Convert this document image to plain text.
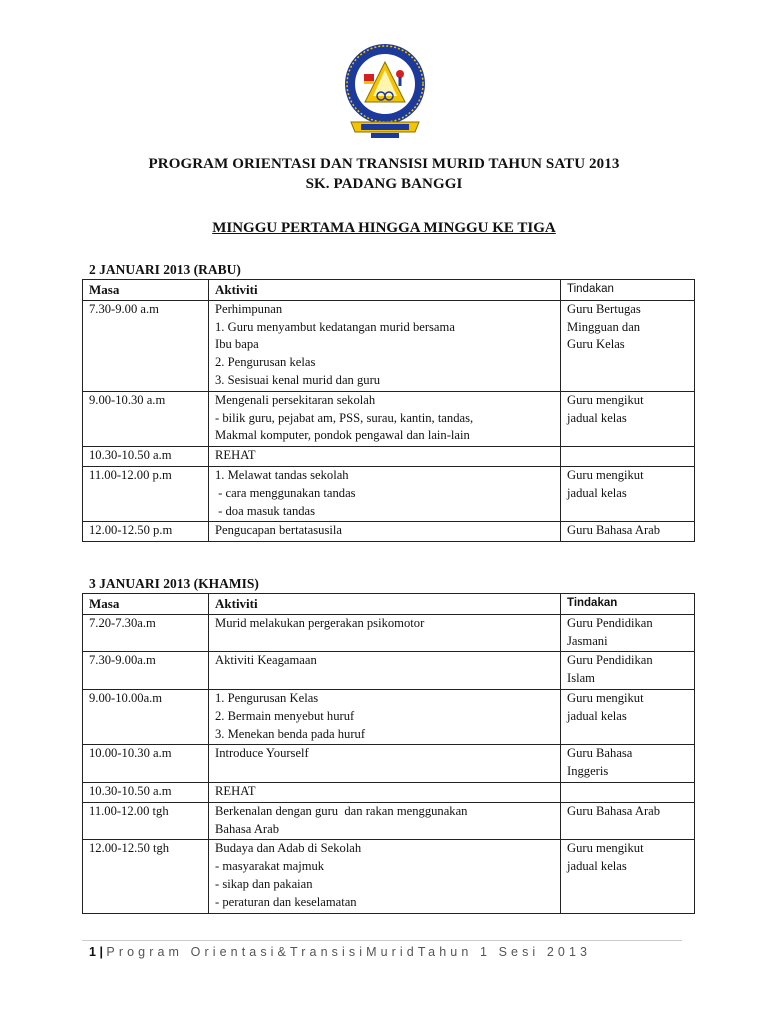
PROGRAM ORIENTASI DAN TRANSISI MURID TAHUN SATU 2013
SK. PADANG BANGGI
MINGGU PERTAMA HINGGA MINGGU KE TIGA
2 JANUARI 2013 (RABU)
Masa	Aktiviti	Tindakan
7.30-9.00 a.m	Perhimpunan
1. Guru menyambut kedatangan murid bersama
Ibu bapa
2. Pengurusan kelas
3. Sesisuai kenal murid dan guru	Guru Bertugas
Mingguan dan
Guru Kelas

9.00-10.30 a.m	Mengenali persekitaran sekolah
- bilik guru, pejabat am, PSS, surau, kantin, tandas,
Makmal komputer, pondok pengawal dan lain-lain	Guru mengikut
jadual kelas

10.30-10.50 a.m	REHAT	

11.00-12.00 p.m	1. Melawat tandas sekolah
- cara menggunakan tandas
- doa masuk tandas	Guru mengikut
jadual kelas

12.00-12.50 p.m	Pengucapan bertatasusila	Guru Bahasa Arab
3 JANUARI 2013 (KHAMIS)
Masa	Aktiviti	Tindakan
7.20-7.30a.m	Murid melakukan pergerakan psikomotor	Guru Pendidikan
Jasmani

7.30-9.00a.m	Aktiviti Keagamaan	Guru Pendidikan
Islam

9.00-10.00a.m	1. Pengurusan Kelas
2. Bermain menyebut huruf
3. Menekan benda pada huruf	Guru mengikut
jadual kelas

10.00-10.30 a.m	Introduce Yourself	Guru Bahasa
Inggeris

10.30-10.50 a.m	REHAT	

11.00-12.00 tgh	Berkenalan dengan guru  dan rakan menggunakan
Bahasa Arab	Guru Bahasa Arab

12.00-12.50 tgh	Budaya dan Adab di Sekolah
- masyarakat majmuk
- sikap dan pakaian
- peraturan dan keselamatan	Guru mengikut
jadual kelas
1 | Program Orientasi&TransisiMuridTahun 1 Sesi 2013
